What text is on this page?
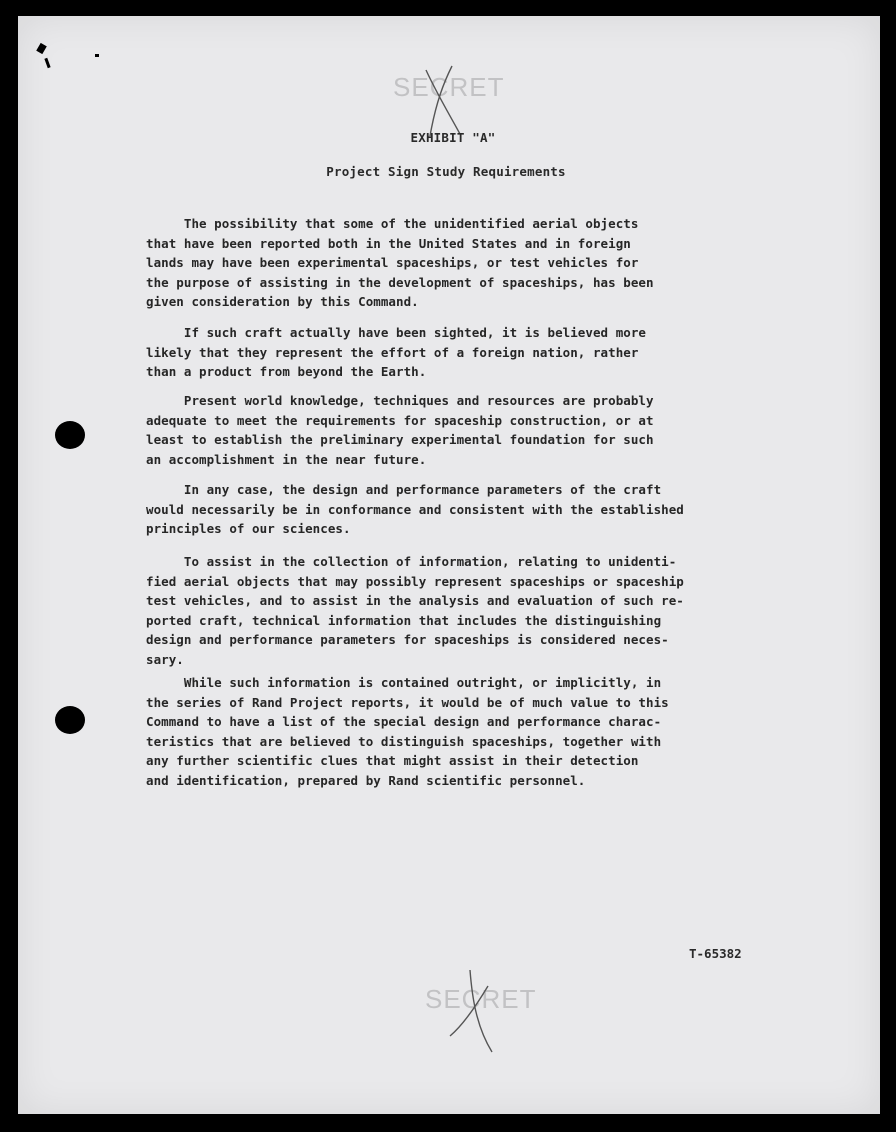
SECRET
EXHIBIT "A"
Project Sign Study Requirements

The possibility that some of the unidentified aerial objects
that have been reported both in the United States and in foreign
lands may have been experimental spaceships, or test vehicles for
the purpose of assisting in the development of spaceships, has been
given consideration by this Command.

If such craft actually have been sighted, it is believed more
likely that they represent the effort of a foreign nation, rather
than a product from beyond the Earth.

Present world knowledge, techniques and resources are probably
adequate to meet the requirements for spaceship construction, or at
least to establish the preliminary experimental foundation for such
an accomplishment in the near future.

In any case, the design and performance parameters of the craft
would necessarily be in conformance and consistent with the established
principles of our sciences.

To assist in the collection of information, relating to unidenti-
fied aerial objects that may possibly represent spaceships or spaceship
test vehicles, and to assist in the analysis and evaluation of such re-
ported craft, technical information that includes the distinguishing
design and performance parameters for spaceships is considered neces-
sary.

While such information is contained outright, or implicitly, in
the series of Rand Project reports, it would be of much value to this
Command to have a list of the special design and performance charac-
teristics that are believed to distinguish spaceships, together with
any further scientific clues that might assist in their detection
and identification, prepared by Rand scientific personnel.

T-65382
SECRET
